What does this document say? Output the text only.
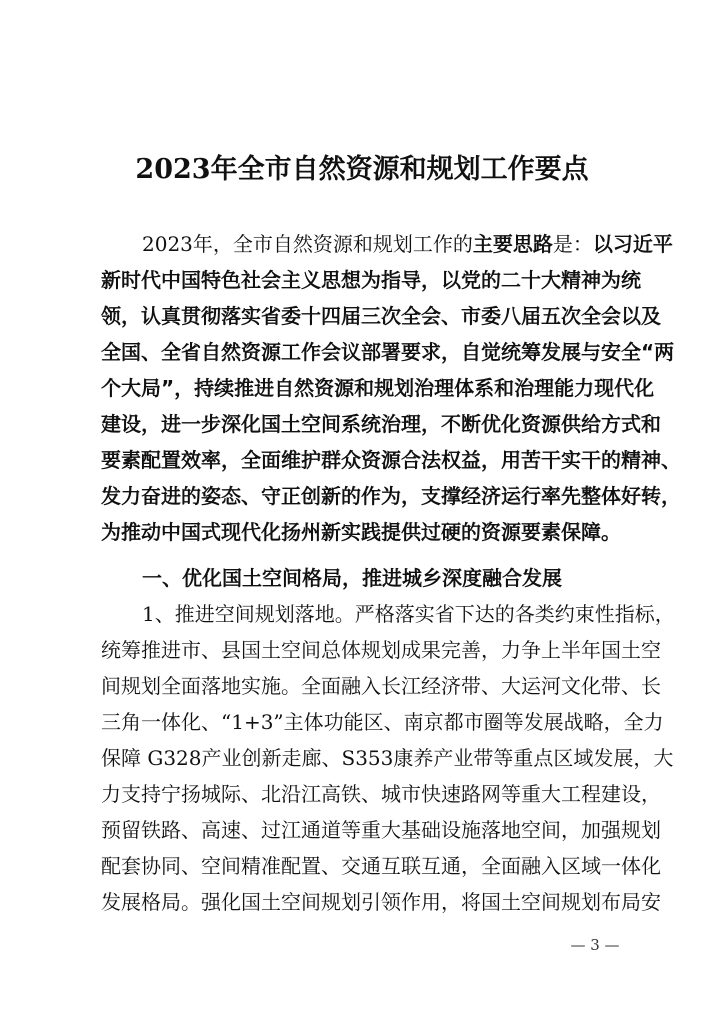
2023年全市自然资源和规划工作要点
2023年，全市自然资源和规划工作的主要思路是：以习近平
新时代中国特色社会主义思想为指导，以党的二十大精神为统
领，认真贯彻落实省委十四届三次全会、市委八届五次全会以及
全国、全省自然资源工作会议部署要求，自觉统筹发展与安全“两
个大局”，持续推进自然资源和规划治理体系和治理能力现代化
建设，进一步深化国土空间系统治理，不断优化资源供给方式和
要素配置效率，全面维护群众资源合法权益，用苦干实干的精神、
发力奋进的姿态、守正创新的作为，支撑经济运行率先整体好转，
为推动中国式现代化扬州新实践提供过硬的资源要素保障。
一、优化国土空间格局，推进城乡深度融合发展
1、推进空间规划落地。严格落实省下达的各类约束性指标，
统筹推进市、县国土空间总体规划成果完善，力争上半年国土空
间规划全面落地实施。全面融入长江经济带、大运河文化带、长
三角一体化、“1+3”主体功能区、南京都市圈等发展战略，全力
保障 G328产业创新走廊、S353康养产业带等重点区域发展，大
力支持宁扬城际、北沿江高铁、城市快速路网等重大工程建设，
预留铁路、高速、过江通道等重大基础设施落地空间，加强规划
配套协同、空间精准配置、交通互联互通，全面融入区域一体化
发展格局。强化国土空间规划引领作用，将国土空间规划布局安
— 3 —
